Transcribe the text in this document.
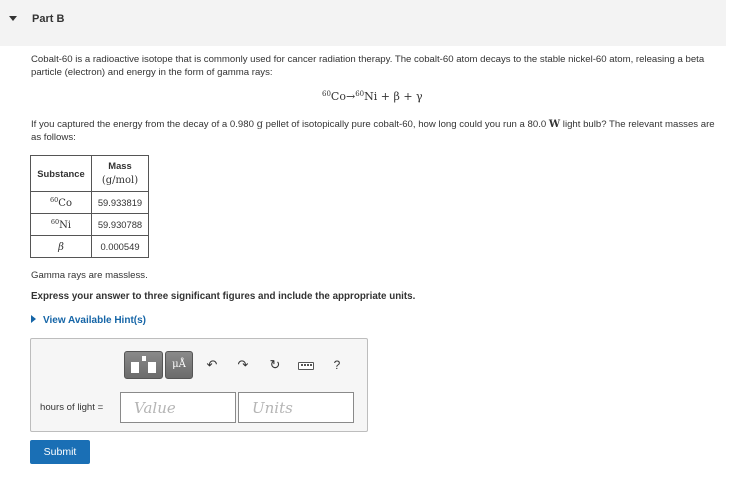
Part B
Cobalt-60 is a radioactive isotope that is commonly used for cancer radiation therapy. The cobalt-60 atom decays to the stable nickel-60 atom, releasing a beta particle (electron) and energy in the form of gamma rays:
$^{60}$Co→$^{60}$Ni + β + γ
If you captured the energy from the decay of a 0.980 g pellet of isotopically pure cobalt-60, how long could you run a 80.0 W light bulb? The relevant masses are as follows:
Substance	Mass
(g/mol)
$^{60}$Co	59.933819
$^{60}$Ni	59.930788
β	0.000549
Gamma rays are massless.
Express your answer to three significant figures and include the appropriate units.
View Available Hint(s)
μÅ	↶ ↷ ↻	?
hours of light = Value	Units
Submit
